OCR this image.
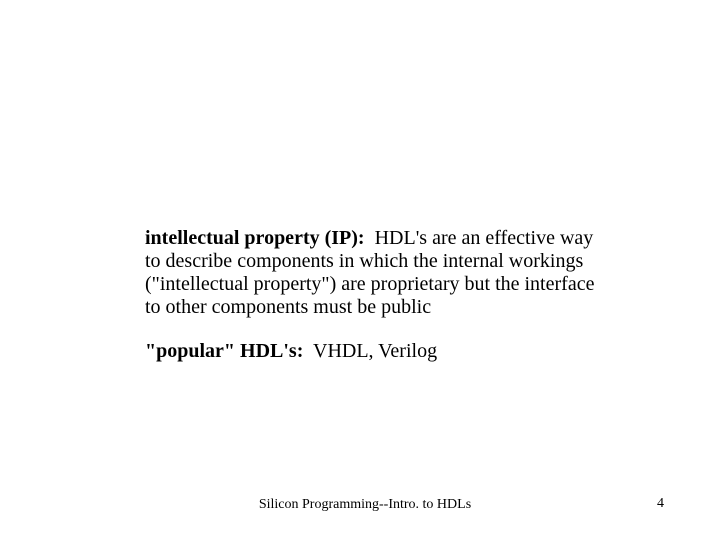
intellectual property (IP): HDL's are an effective way to describe components in which the internal workings ("intellectual property") are proprietary but the interface to other components must be public

"popular" HDL's: VHDL, Verilog

Silicon Programming--Intro. to HDLs	4
